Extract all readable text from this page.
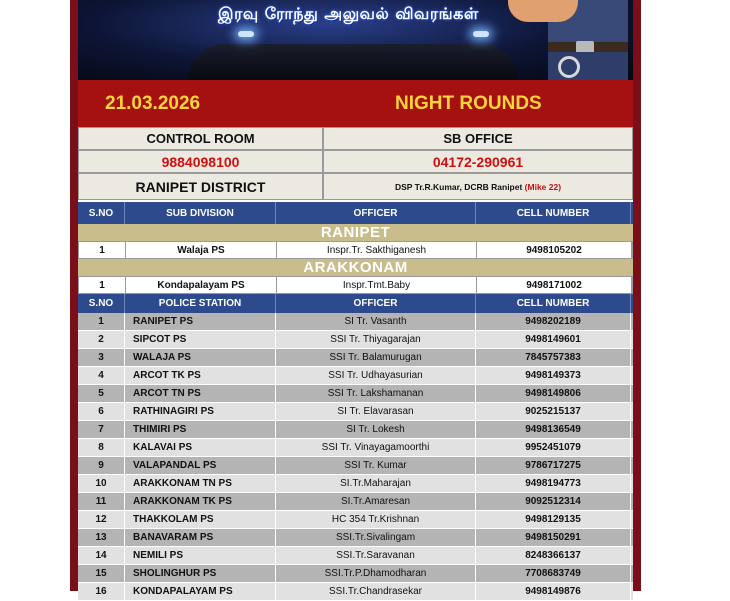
இரவு ரோந்து அலுவல் விவரங்கள்
21.03.2026	NIGHT ROUNDS
CONTROL ROOM	SB OFFICE
9884098100	04172-290961
RANIPET DISTRICT	DSP Tr.R.Kumar, DCRB Ranipet (Mike 22)
S.NO	SUB DIVISION	OFFICER	CELL NUMBER
RANIPET
1	Walaja PS	Inspr.Tr. Sakthiganesh	9498105202
ARAKKONAM
1	Kondapalayam PS	Inspr.Tmt.Baby	9498171002
S.NO	POLICE STATION	OFFICER	CELL NUMBER
1	RANIPET PS	SI Tr. Vasanth	9498202189
2	SIPCOT PS	SSI Tr. Thiyagarajan	9498149601
3	WALAJA PS	SSI Tr. Balamurugan	7845757383
4	ARCOT TK PS	SSI Tr. Udhayasurian	9498149373
5	ARCOT TN PS	SSI Tr. Lakshamanan	9498149806
6	RATHINAGIRI PS	SI Tr. Elavarasan	9025215137
7	THIMIRI PS	SI Tr. Lokesh	9498136549
8	KALAVAI PS	SSI Tr. Vinayagamoorthi	9952451079
9	VALAPANDAL PS	SSI Tr. Kumar	9786717275
10	ARAKKONAM TN PS	SI.Tr.Maharajan	9498194773
11	ARAKKONAM TK PS	SI.Tr.Amaresan	9092512314
12	THAKKOLAM PS	HC 354 Tr.Krishnan	9498129135
13	BANAVARAM PS	SSI.Tr.Sivalingam	9498150291
14	NEMILI PS	SSI.Tr.Saravanan	8248366137
15	SHOLINGHUR PS	SSI.Tr.P.Dhamodharan	7708683749
16	KONDAPALAYAM PS	SSI.Tr.Chandrasekar	9498149876
